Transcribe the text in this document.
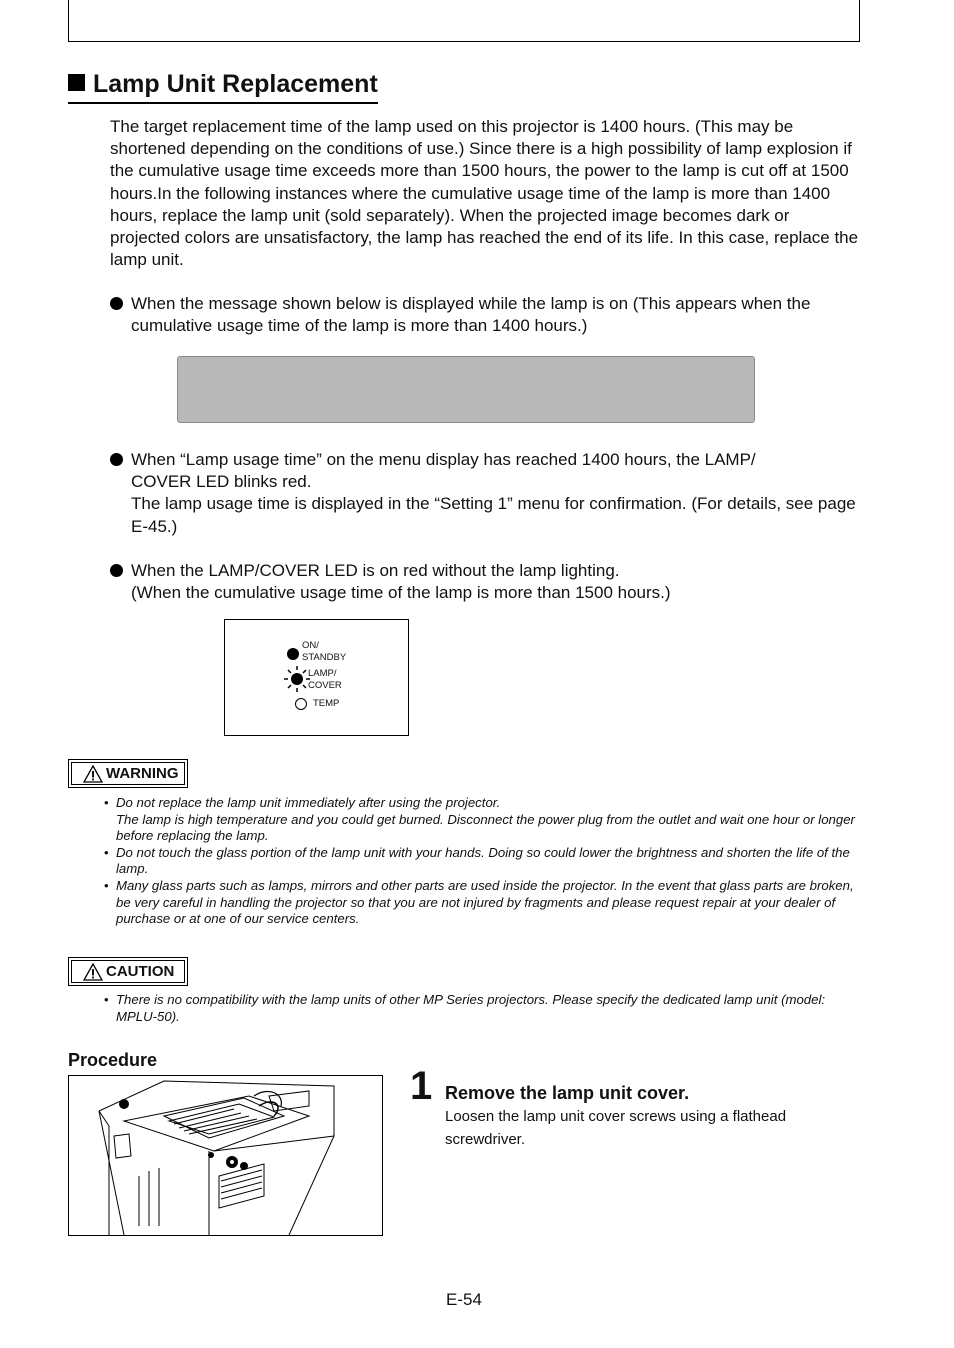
Lamp Unit Replacement

The target replacement time of the lamp used on this projector is 1400 hours. (This may be shortened depending on the conditions of use.) Since there is a high possibility of lamp explosion if the cumulative usage time exceeds more than 1500 hours, the power to the lamp is cut off at 1500 hours.In the following instances where the cumulative usage time of the lamp is more than 1400 hours, replace the lamp unit (sold separately). When the projected image becomes dark or projected colors are unsatisfactory, the lamp has reached the end of its life. In this case, replace the lamp unit.

When the message shown below is displayed while the lamp is on (This appears when the cumulative usage time of the lamp is more than 1400 hours.)
When “Lamp usage time” on the menu display has reached 1400 hours, the LAMP/
COVER LED blinks red.
The lamp usage time is displayed in the “Setting 1” menu for confirmation. (For details, see page E-45.)
When the LAMP/COVER LED is on red without the lamp lighting.
(When the cumulative usage time of the lamp is more than 1500 hours.)
ON/
STANDBY
LAMP/
COVER
TEMP
WARNING
• Do not replace the lamp unit immediately after using the projector.
The lamp is high temperature and you could get burned. Disconnect the power plug from the outlet and wait one hour or longer before replacing the lamp.
• Do not touch the glass portion of the lamp unit with your hands. Doing so could lower the brightness and shorten the life of the lamp.
• Many glass parts such as lamps, mirrors and other parts are used inside the projector. In the event that glass parts are broken, be very careful in handling the projector so that you are not injured by fragments and please request repair at your dealer of purchase or at one of our service centers.
CAUTION
• There is no compatibility with the lamp units of other MP Series projectors. Please specify the dedicated lamp unit (model: MPLU-50).
Procedure
1 Remove the lamp unit cover.
Loosen the lamp unit cover screws using a flathead screwdriver.
E-54
